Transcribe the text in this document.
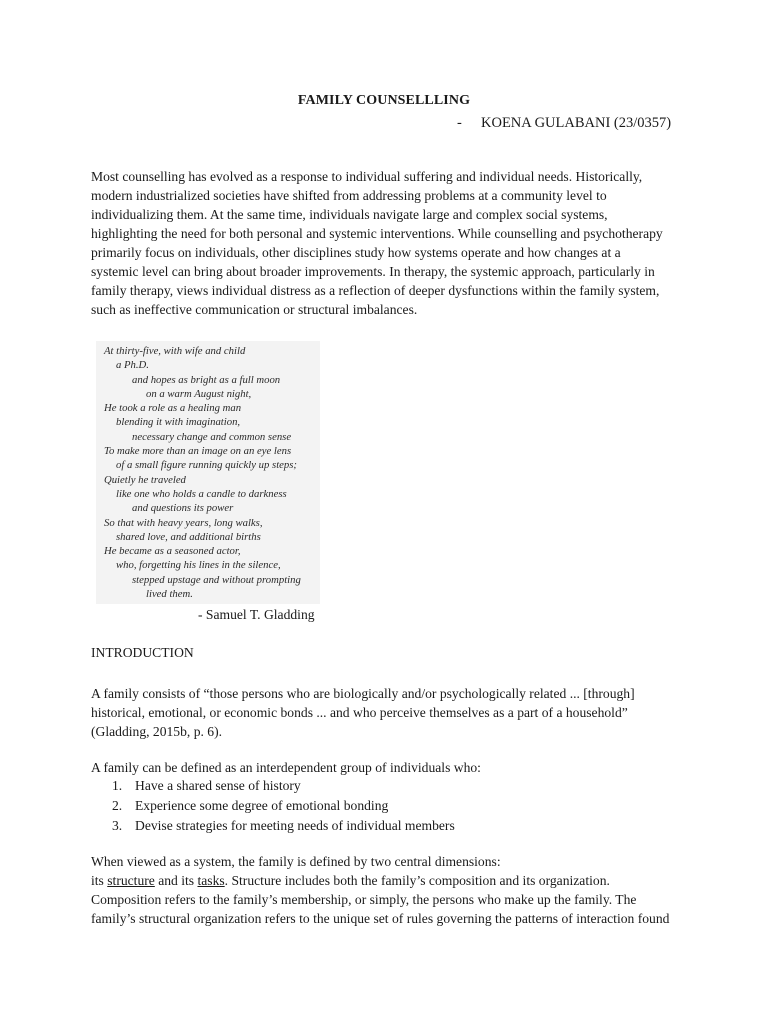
FAMILY COUNSELLLING
- KOENA GULABANI (23/0357)
Most counselling has evolved as a response to individual suffering and individual needs. Historically,
modern industrialized societies have shifted from addressing problems at a community level to
individualizing them. At the same time, individuals navigate large and complex social systems,
highlighting the need for both personal and systemic interventions. While counselling and psychotherapy
primarily focus on individuals, other disciplines study how systems operate and how changes at a
systemic level can bring about broader improvements. In therapy, the systemic approach, particularly in
family therapy, views individual distress as a reflection of deeper dysfunctions within the family system,
such as ineffective communication or structural imbalances.
At thirty-five, with wife and child
a Ph.D.
and hopes as bright as a full moon
on a warm August night,
He took a role as a healing man
blending it with imagination,
necessary change and common sense
To make more than an image on an eye lens
of a small figure running quickly up steps;
Quietly he traveled
like one who holds a candle to darkness
and questions its power
So that with heavy years, long walks,
shared love, and additional births
He became as a seasoned actor,
who, forgetting his lines in the silence,
stepped upstage and without prompting
lived them.
- Samuel T. Gladding
INTRODUCTION
A family consists of “those persons who are biologically and/or psychologically related ... [through]
historical, emotional, or economic bonds ... and who perceive themselves as a part of a household”
(Gladding, 2015b, p. 6).
A family can be defined as an interdependent group of individuals who:
1. Have a shared sense of history
2. Experience some degree of emotional bonding
3. Devise strategies for meeting needs of individual members
When viewed as a system, the family is defined by two central dimensions:
its structure and its tasks. Structure includes both the family’s composition and its organization.
Composition refers to the family’s membership, or simply, the persons who make up the family. The
family’s structural organization refers to the unique set of rules governing the patterns of interaction found
